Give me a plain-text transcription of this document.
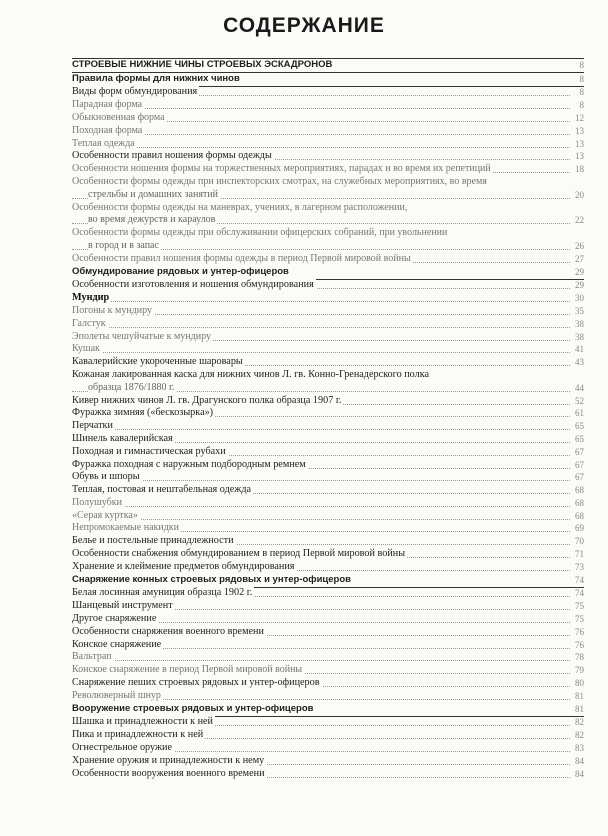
СОДЕРЖАНИЕ
СТРОЕВЫЕ НИЖНИЕ ЧИНЫ СТРОЕВЫХ ЭСКАДРОНОВ	8
Правила формы для нижних чинов	8
Виды форм обмундирования	8
Парадная форма	8
Обыкновенная форма	12
Походная форма	13
Теплая одежда	13
Особенности правил ношения формы одежды	13
Особенности ношения формы на торжественных мероприятиях, парадах и во время их репетиций	18
Особенности формы одежды при инспекторских смотрах, на служебных мероприятиях, во время
стрельбы и домашних занятий	20
Особенности формы одежды на маневрах, учениях, в лагерном расположении,
во время дежурств и караулов	22
Особенности формы одежды при обслуживании офицерских собраний, при увольнении
в город и в запас	26
Особенности правил ношения формы одежды в период Первой мировой войны	27
Обмундирование рядовых и унтер-офицеров	29
Особенности изготовления и ношения обмундирования	29
Мундир	30
Погоны к мундиру	35
Галстук	38
Эполеты чешуйчатые к мундиру	38
Кушак	41
Кавалерийские укороченные шаровары	43
Кожаная лакированная каска для нижних чинов Л. гв. Конно-Гренадерского полка
образца 1876/1880 г.	44
Кивер нижних чинов Л. гв. Драгунского полка образца 1907 г.	52
Фуражка зимняя («бескозырка»)	61
Перчатки	65
Шинель кавалерийская	65
Походная и гимнастическая рубахи	67
Фуражка походная с наружным подбородным ремнем	67
Обувь и шпоры	67
Теплая, постовая и нештабельная одежда	68
Полушубки	68
«Серая куртка»	68
Непромокаемые накидки	69
Белье и постельные принадлежности	70
Особенности снабжения обмундированием в период Первой мировой войны	71
Хранение и клеймение предметов обмундирования	73
Снаряжение конных строевых рядовых и унтер-офицеров	74
Белая лосинная амуниция образца 1902 г.	74
Шанцевый инструмент	75
Другое снаряжение	75
Особенности снаряжения военного времени	76
Конское снаряжение	76
Вальтрап	78
Конское снаряжение в период Первой мировой войны	79
Снаряжение пеших строевых рядовых и унтер-офицеров	80
Революверный шнур	81
Вооружение строевых рядовых и унтер-офицеров	81
Шашка и принадлежности к ней	82
Пика и принадлежности к ней	82
Огнестрельное оружие	83
Хранение оружия и принадлежности к нему	84
Особенности вооружения военного времени	84
